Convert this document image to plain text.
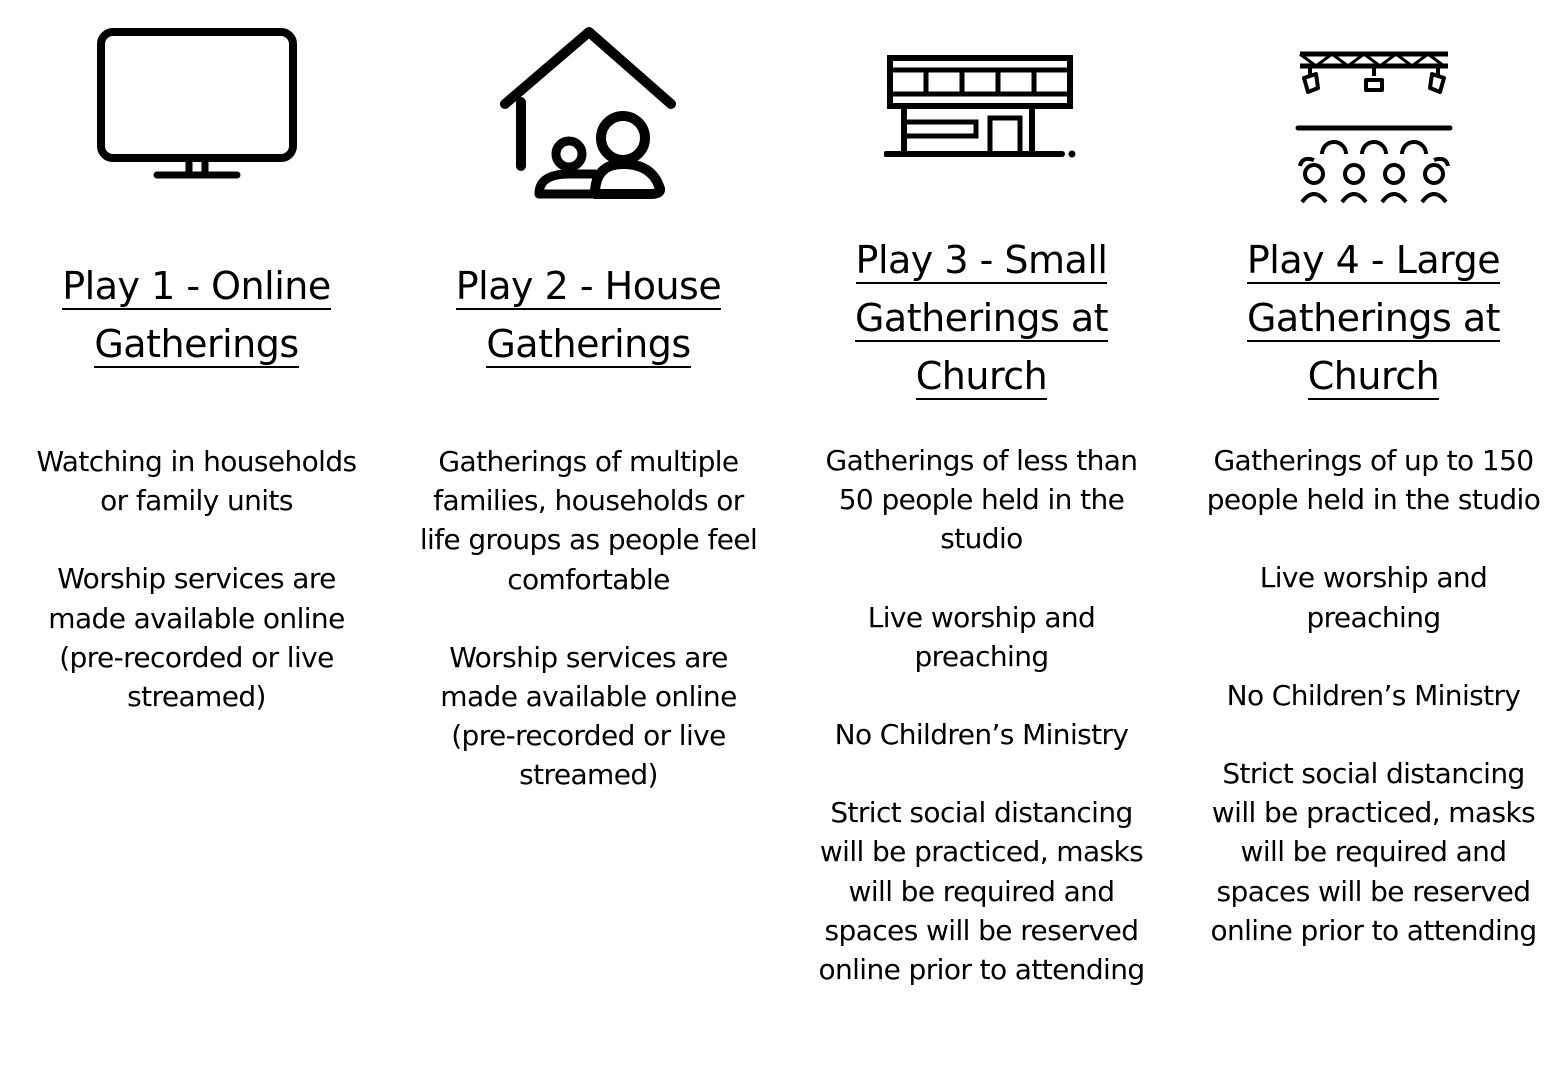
Play 1 - Online
Gatherings

Watching in households or family units

Worship services are made available online (pre-recorded or live streamed)

Play 2 - House
Gatherings

Gatherings of multiple families, households or life groups as people feel comfortable

Worship services are made available online (pre-recorded or live streamed)

Play 3 - Small
Gatherings at
Church

Gatherings of less than 50 people held in the studio

Live worship and preaching

No Children’s Ministry

Strict social distancing will be practiced, masks will be required and spaces will be reserved online prior to attending

Play 4 - Large
Gatherings at
Church

Gatherings of up to 150 people held in the studio

Live worship and preaching

No Children’s Ministry

Strict social distancing will be practiced, masks will be required and spaces will be reserved online prior to attending
